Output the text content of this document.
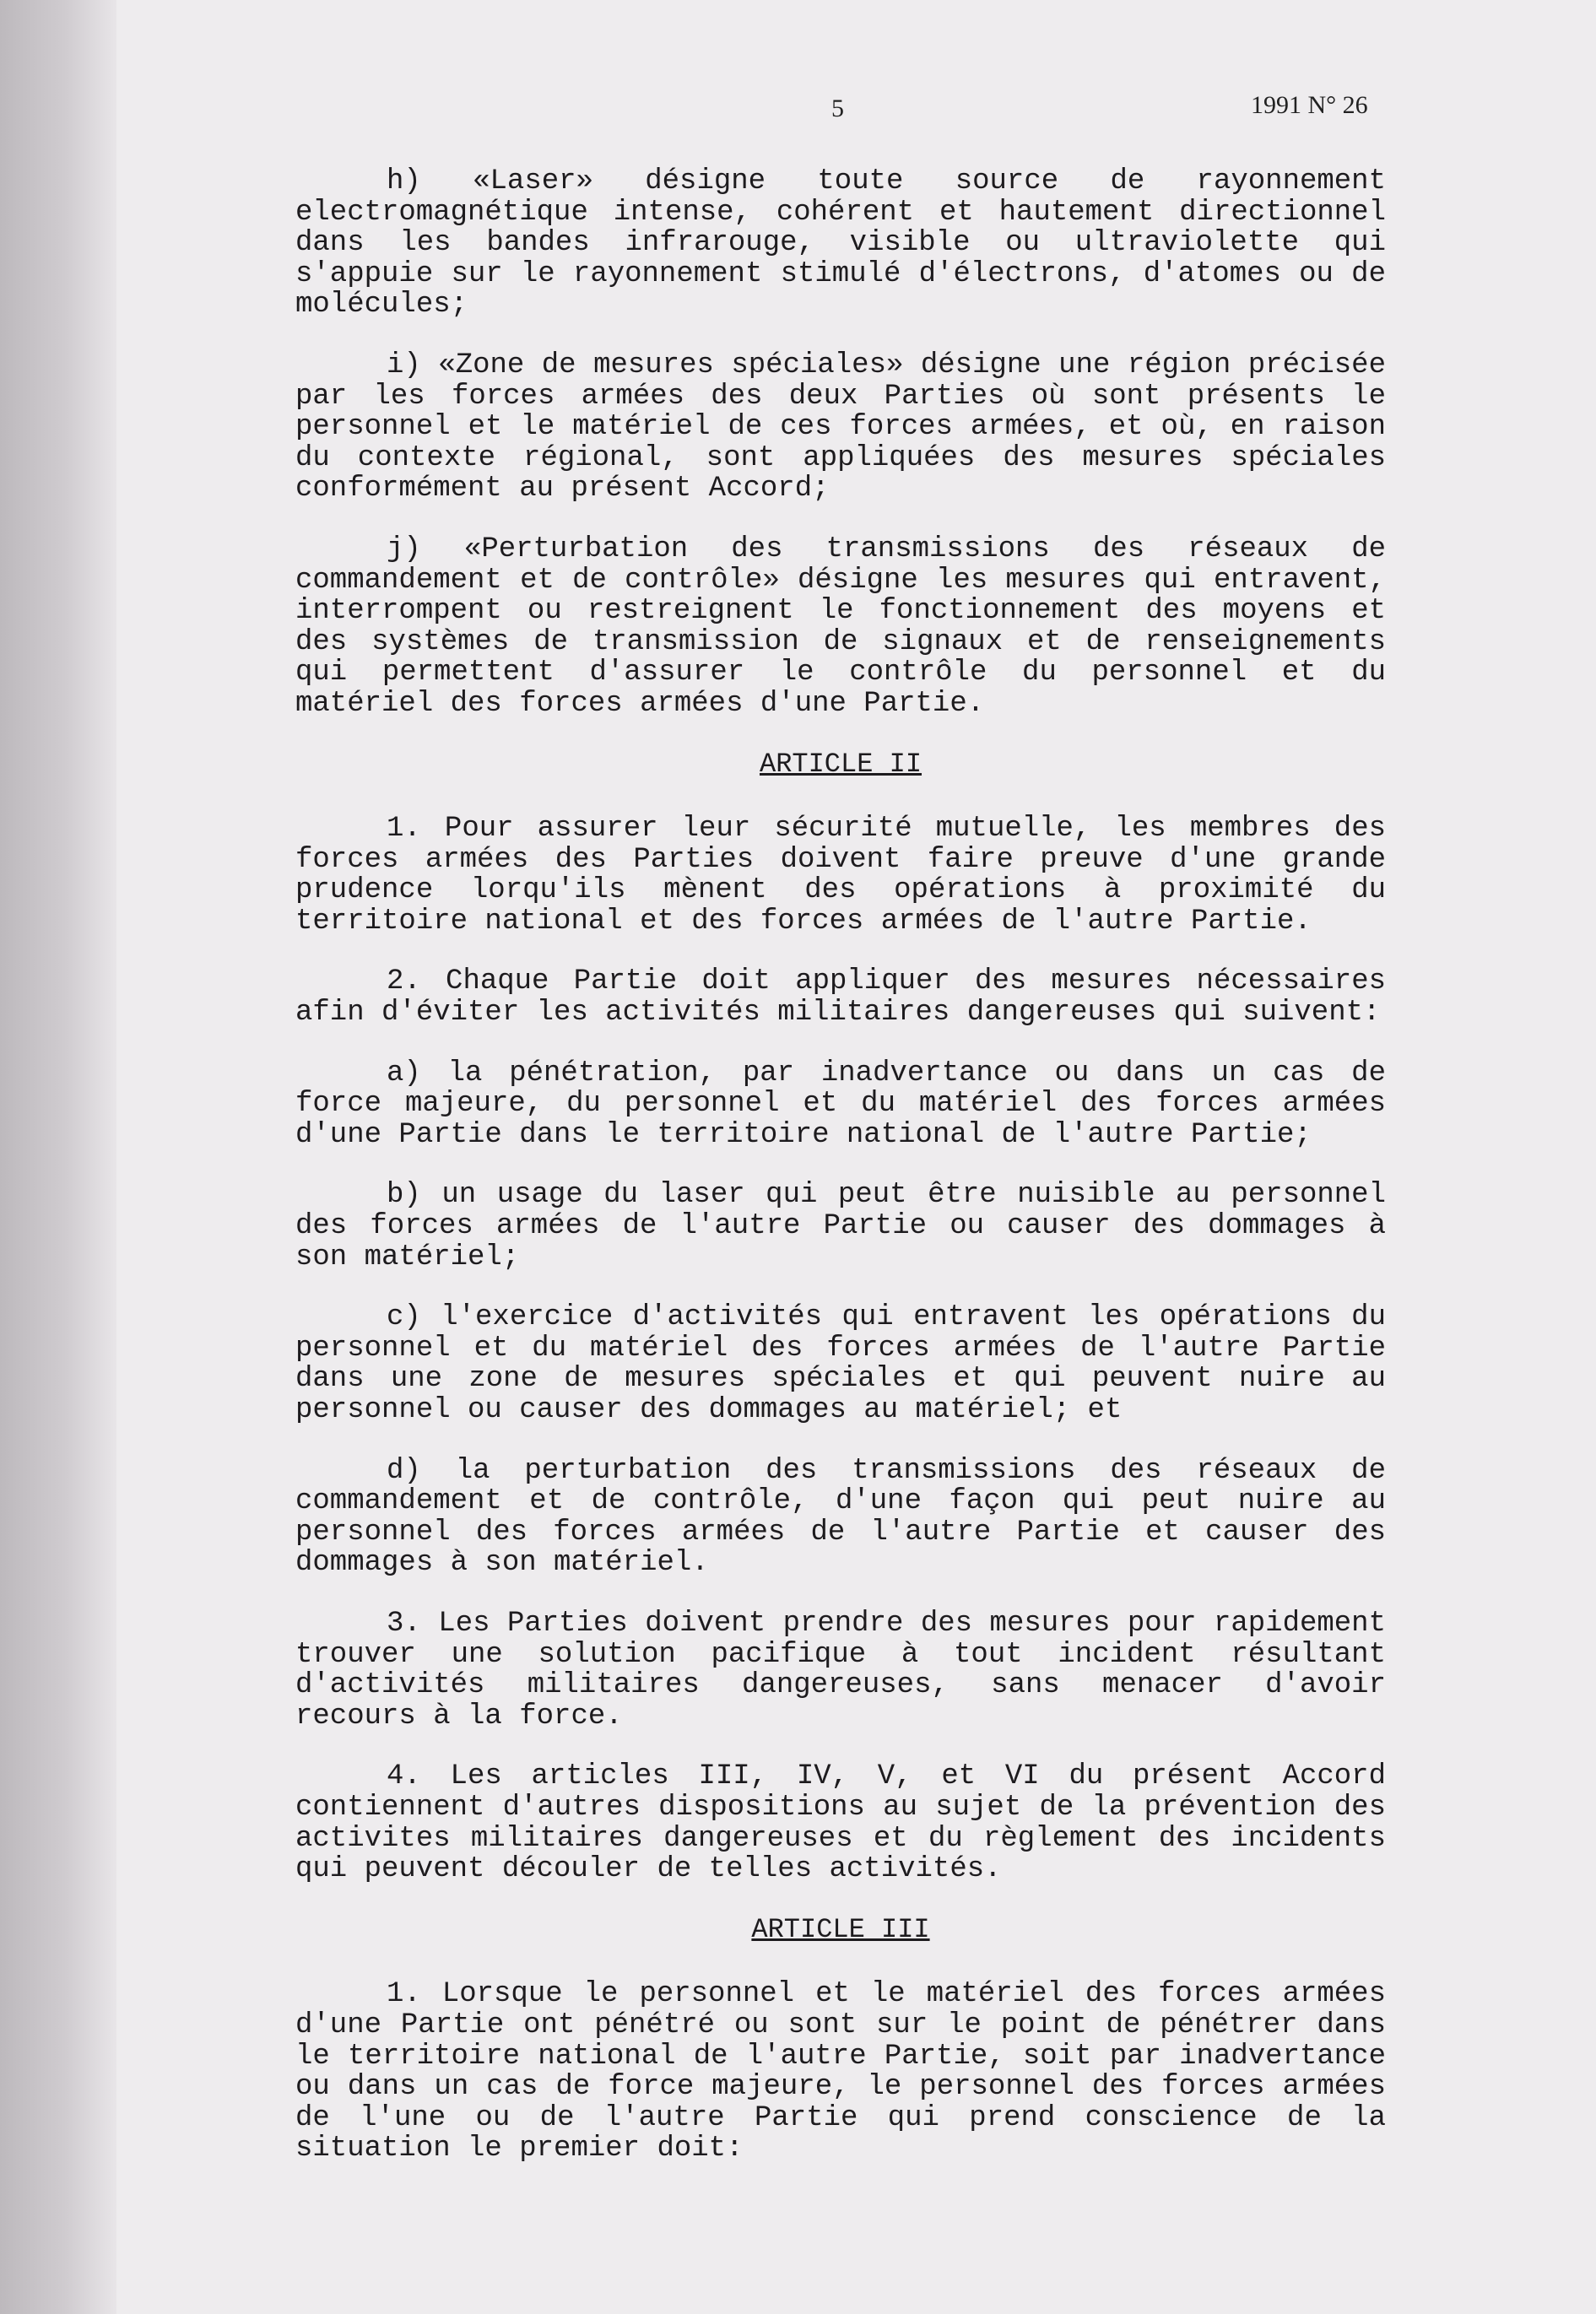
5	1991 N° 26

h) «Laser» désigne toute source de rayonnement electromagnétique intense, cohérent et hautement directionnel dans les bandes infrarouge, visible ou ultraviolette qui s'appuie sur le rayonnement stimulé d'électrons, d'atomes ou de molécules;

i) «Zone de mesures spéciales» désigne une région précisée par les forces armées des deux Parties où sont présents le personnel et le matériel de ces forces armées, et où, en raison du contexte régional, sont appliquées des mesures spéciales conformément au présent Accord;

j) «Perturbation des transmissions des réseaux de commandement et de contrôle» désigne les mesures qui entravent, interrompent ou restreignent le fonctionnement des moyens et des systèmes de transmission de signaux et de renseignements qui permettent d'assurer le contrôle du personnel et du matériel des forces armées d'une Partie.

ARTICLE II

1. Pour assurer leur sécurité mutuelle, les membres des forces armées des Parties doivent faire preuve d'une grande prudence lorqu'ils mènent des opérations à proximité du territoire national et des forces armées de l'autre Partie.

2. Chaque Partie doit appliquer des mesures nécessaires afin d'éviter les activités militaires dangereuses qui suivent:

a) la pénétration, par inadvertance ou dans un cas de force majeure, du personnel et du matériel des forces armées d'une Partie dans le territoire national de l'autre Partie;

b) un usage du laser qui peut être nuisible au personnel des forces armées de l'autre Partie ou causer des dommages à son matériel;

c) l'exercice d'activités qui entravent les opérations du personnel et du matériel des forces armées de l'autre Partie dans une zone de mesures spéciales et qui peuvent nuire au personnel ou causer des dommages au matériel; et

d) la perturbation des transmissions des réseaux de commandement et de contrôle, d'une façon qui peut nuire au personnel des forces armées de l'autre Partie et causer des dommages à son matériel.

3. Les Parties doivent prendre des mesures pour rapidement trouver une solution pacifique à tout incident résultant d'activités militaires dangereuses, sans menacer d'avoir recours à la force.

4. Les articles III, IV, V, et VI du présent Accord contiennent d'autres dispositions au sujet de la prévention des activites militaires dangereuses et du règlement des incidents qui peuvent découler de telles activités.

ARTICLE III

1. Lorsque le personnel et le matériel des forces armées d'une Partie ont pénétré ou sont sur le point de pénétrer dans le territoire national de l'autre Partie, soit par inadvertance ou dans un cas de force majeure, le personnel des forces armées de l'une ou de l'autre Partie qui prend conscience de la situation le premier doit:
